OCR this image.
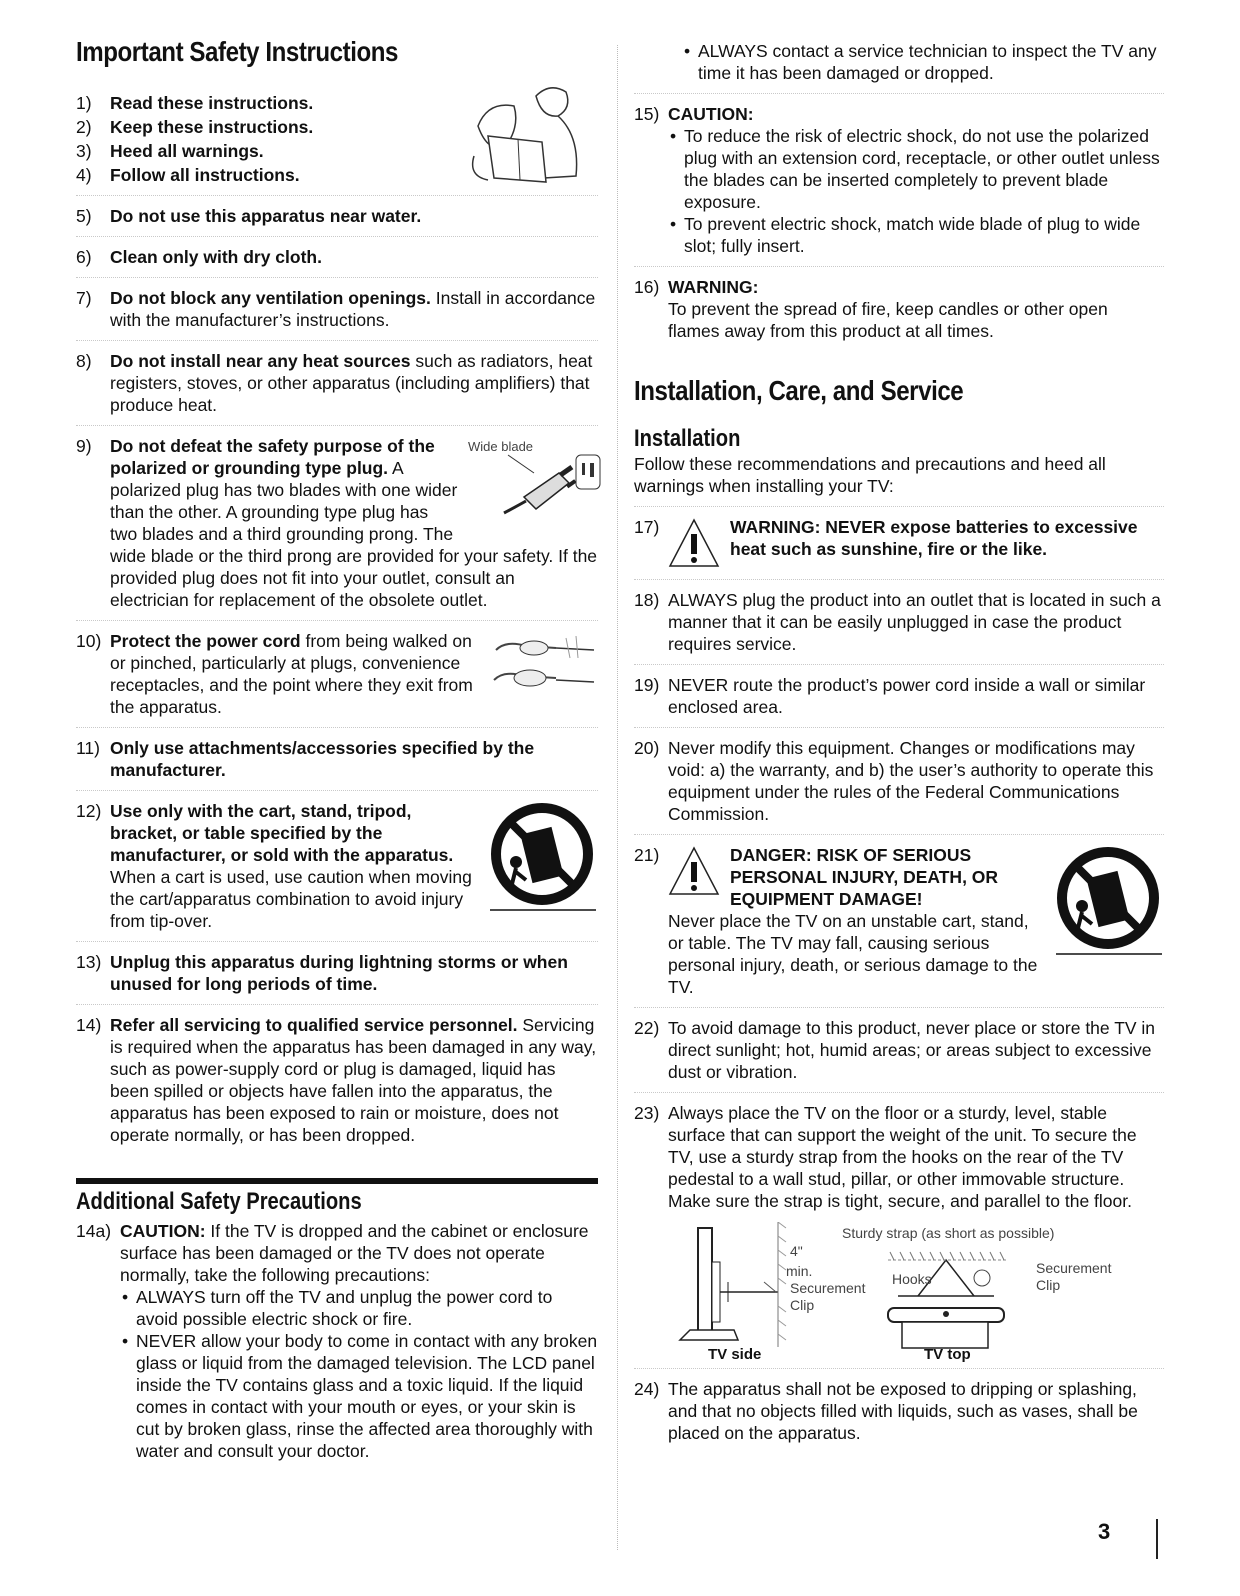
Important Safety Instructions
1) Read these instructions.
2) Keep these instructions.
3) Heed all warnings.
4) Follow all instructions.
5) Do not use this apparatus near water.
6) Clean only with dry cloth.
7) Do not block any ventilation openings. Install in accordance with the manufacturer’s instructions.
8) Do not install near any heat sources such as radiators, heat registers, stoves, or other apparatus (including amplifiers) that produce heat.
Wide blade
9) Do not defeat the safety purpose of the polarized or grounding type plug. A polarized plug has two blades with one wider than the other. A grounding type plug has two blades and a third grounding prong. The wide blade or the third prong are provided for your safety. If the provided plug does not fit into your outlet, consult an electrician for replacement of the obsolete outlet.
10) Protect the power cord from being walked on or pinched, particularly at plugs, convenience receptacles, and the point where they exit from the apparatus.
11) Only use attachments/accessories specified by the manufacturer.
12) Use only with the cart, stand, tripod, bracket, or table specified by the manufacturer, or sold with the apparatus. When a cart is used, use caution when moving the cart/apparatus combination to avoid injury from tip-over.
13) Unplug this apparatus during lightning storms or when unused for long periods of time.
14) Refer all servicing to qualified service personnel. Servicing is required when the apparatus has been damaged in any way, such as power-supply cord or plug is damaged, liquid has been spilled or objects have fallen into the apparatus, the apparatus has been exposed to rain or moisture, does not operate normally, or has been dropped.
Additional Safety Precautions
14a) CAUTION: If the TV is dropped and the cabinet or enclosure surface has been damaged or the TV does not operate normally, take the following precautions:
• ALWAYS turn off the TV and unplug the power cord to avoid possible electric shock or fire.
• NEVER allow your body to come in contact with any broken glass or liquid from the damaged television. The LCD panel inside the TV contains glass and a toxic liquid. If the liquid comes in contact with your mouth or eyes, or your skin is cut by broken glass, rinse the affected area thoroughly with water and consult your doctor.
• ALWAYS contact a service technician to inspect the TV any time it has been damaged or dropped.
15) CAUTION:
• To reduce the risk of electric shock, do not use the polarized plug with an extension cord, receptacle, or other outlet unless the blades can be inserted completely to prevent blade exposure.
• To prevent electric shock, match wide blade of plug to wide slot; fully insert.
16) WARNING:
To prevent the spread of fire, keep candles or other open flames away from this product at all times.
Installation, Care, and Service
Installation
Follow these recommendations and precautions and heed all warnings when installing your TV:
17)	WARNING: NEVER expose batteries to excessive heat such as sunshine, fire or the like.
18) ALWAYS plug the product into an outlet that is located in such a manner that it can be easily unplugged in case the product requires service.
19) NEVER route the product’s power cord inside a wall or similar enclosed area.
20) Never modify this equipment. Changes or modifications may void: a) the warranty, and b) the user’s authority to operate this equipment under the rules of the Federal Communications Commission.
21)	DANGER: RISK OF SERIOUS PERSONAL INJURY, DEATH, OR EQUIPMENT DAMAGE!
Never place the TV on an unstable cart, stand, or table. The TV may fall, causing serious personal injury, death, or serious damage to the TV.
22) To avoid damage to this product, never place or store the TV in direct sunlight; hot, humid areas; or areas subject to excessive dust or vibration.
23) Always place the TV on the floor or a sturdy, level, stable surface that can support the weight of the unit. To secure the TV, use a sturdy strap from the hooks on the rear of the TV pedestal to a wall stud, pillar, or other immovable structure. Make sure the strap is tight, secure, and parallel to the floor.
Sturdy strap (as short as possible)
4"
min.
Securement Clip
Hooks
Securement Clip
TV side	TV top
24) The apparatus shall not be exposed to dripping or splashing, and that no objects filled with liquids, such as vases, shall be placed on the apparatus.
3
